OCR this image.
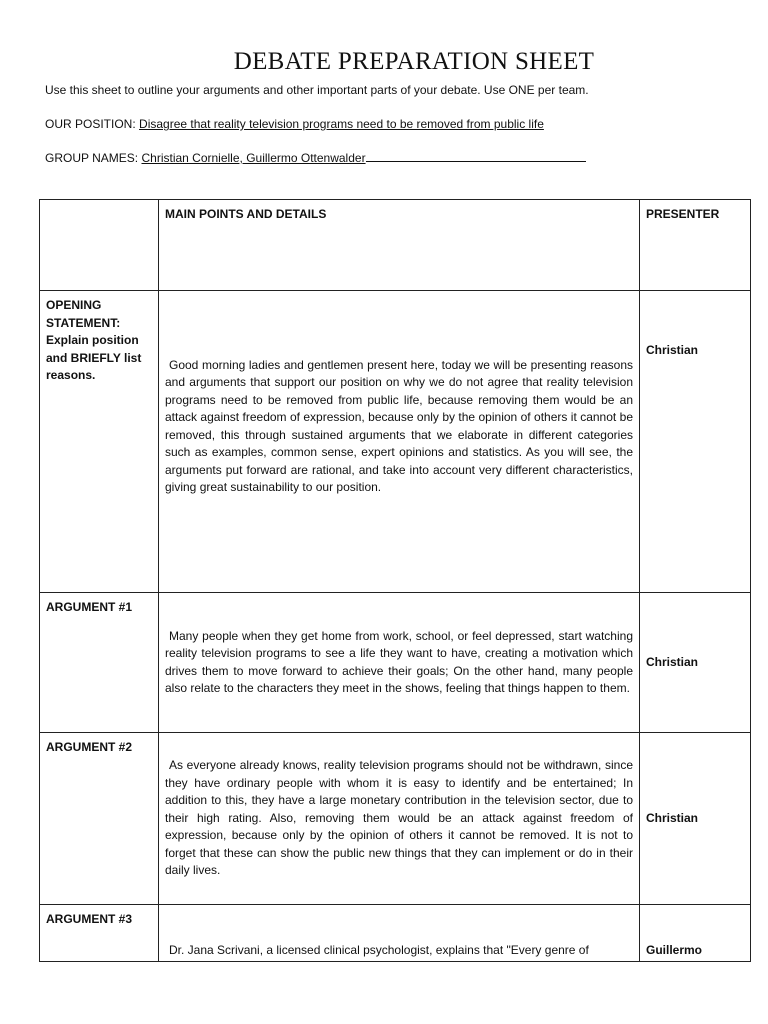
DEBATE PREPARATION SHEET
Use this sheet to outline your arguments and other important parts of your debate. Use ONE per team.
OUR POSITION: Disagree that reality television programs need to be removed from public life
GROUP NAMES: Christian Cornielle, Guillermo Ottenwalder
	MAIN POINTS AND DETAILS	PRESENTER
OPENING STATEMENT: Explain position and BRIEFLY list reasons.	Good morning ladies and gentlemen present here, today we will be presenting reasons and arguments that support our position on why we do not agree that reality television programs need to be removed from public life, because removing them would be an attack against freedom of expression, because only by the opinion of others it cannot be removed, this through sustained arguments that we elaborate in different categories such as examples, common sense, expert opinions and statistics. As you will see, the arguments put forward are rational, and take into account very different characteristics, giving great sustainability to our position.	Christian

ARGUMENT #1	Many people when they get home from work, school, or feel depressed, start watching reality television programs to see a life they want to have, creating a motivation which drives them to move forward to achieve their goals; On the other hand, many people also relate to the characters they meet in the shows, feeling that things happen to them.	Christian
ARGUMENT #2	As everyone already knows, reality television programs should not be withdrawn, since they have ordinary people with whom it is easy to identify and be entertained; In addition to this, they have a large monetary contribution in the television sector, due to their high rating. Also, removing them would be an attack against freedom of expression, because only by the opinion of others it cannot be removed. It is not to forget that these can show the public new things that they can implement or do in their daily lives.	Christian
ARGUMENT #3	Dr. Jana Scrivani, a licensed clinical psychologist, explains that "Every genre of	Guillermo
